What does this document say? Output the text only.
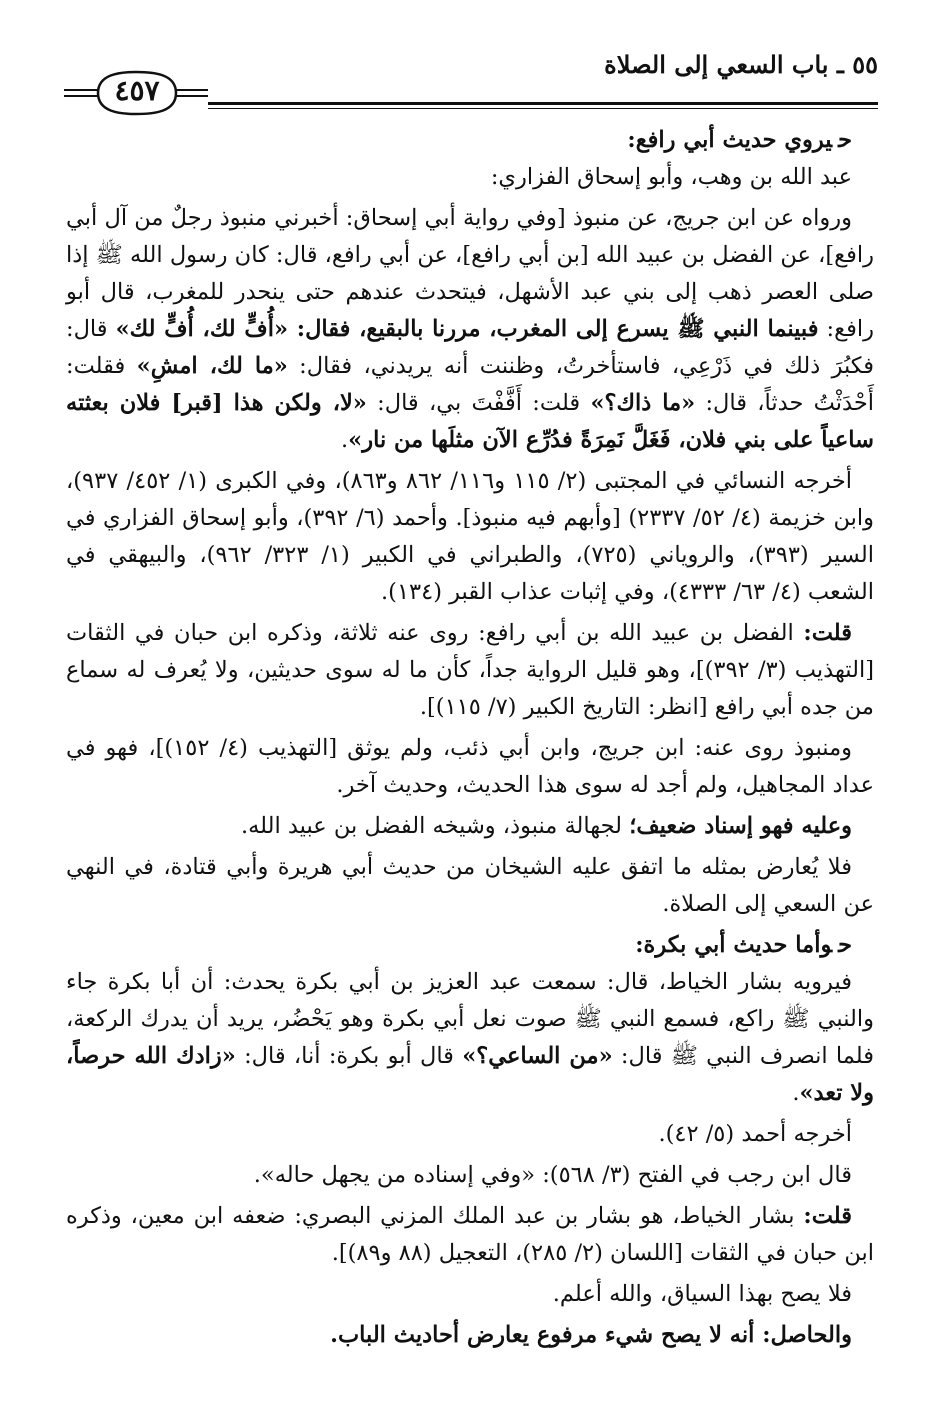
٥٥ ـ باب السعي إلى الصلاة
٤٥٧

حيروي حديث أبي رافع:

عبد الله بن وهب، وأبو إسحاق الفزاري:

ورواه عن ابن جريج، عن منبوذ [وفي رواية أبي إسحاق: أخبرني منبوذ رجلٌ من آل أبي رافع]، عن الفضل بن عبيد الله [بن أبي رافع]، عن أبي رافع، قال: كان رسول الله ﷺ إذا صلى العصر ذهب إلى بني عبد الأشهل، فيتحدث عندهم حتى ينحدر للمغرب، قال أبو رافع: فبينما النبي ﷺ يسرع إلى المغرب، مررنا بالبقيع، فقال: «أُفٍّ لك، أُفٍّ لك» قال: فكبُرَ ذلك في ذَرْعِي، فاستأخرتُ، وظننت أنه يريدني، فقال: «ما لك، امشِ» فقلت: أَحْدَثْتُ حدثاً، قال: «ما ذاك؟» قلت: أَفَّفْتَ بي، قال: «لا، ولكن هذا [قبر] فلان بعثته ساعياً على بني فلان، فَغَلَّ نَمِرَةً فدُرِّع الآن مثلَها من نار».

أخرجه النسائي في المجتبى (٢/ ١١٥ و١١٦/ ٨٦٢ و٨٦٣)، وفي الكبرى (١/ ٤٥٢/ ٩٣٧)، وابن خزيمة (٤/ ٥٢/ ٢٣٣٧) [وأبهم فيه منبوذ]. وأحمد (٦/ ٣٩٢)، وأبو إسحاق الفزاري في السير (٣٩٣)، والروياني (٧٢٥)، والطبراني في الكبير (١/ ٣٢٣/ ٩٦٢)، والبيهقي في الشعب (٤/ ٦٣/ ٤٣٣٣)، وفي إثبات عذاب القبر (١٣٤).

قلت: الفضل بن عبيد الله بن أبي رافع: روى عنه ثلاثة، وذكره ابن حبان في الثقات [التهذيب (٣/ ٣٩٢)]، وهو قليل الرواية جداً، كأن ما له سوى حديثين، ولا يُعرف له سماع من جده أبي رافع [انظر: التاريخ الكبير (٧/ ١١٥)].

ومنبوذ روى عنه: ابن جريج، وابن أبي ذئب، ولم يوثق [التهذيب (٤/ ١٥٢)]، فهو في عداد المجاهيل، ولم أجد له سوى هذا الحديث، وحديث آخر.

وعليه فهو إسناد ضعيف؛ لجهالة منبوذ، وشيخه الفضل بن عبيد الله.

فلا يُعارض بمثله ما اتفق عليه الشيخان من حديث أبي هريرة وأبي قتادة، في النهي عن السعي إلى الصلاة.

حوأما حديث أبي بكرة:

فيرويه بشار الخياط، قال: سمعت عبد العزيز بن أبي بكرة يحدث: أن أبا بكرة جاء والنبي ﷺ راكع، فسمع النبي ﷺ صوت نعل أبي بكرة وهو يَحْضُر، يريد أن يدرك الركعة، فلما انصرف النبي ﷺ قال: «من الساعي؟» قال أبو بكرة: أنا، قال: «زادك الله حرصاً، ولا تعد».

أخرجه أحمد (٥/ ٤٢).

قال ابن رجب في الفتح (٣/ ٥٦٨): «وفي إسناده من يجهل حاله».

قلت: بشار الخياط، هو بشار بن عبد الملك المزني البصري: ضعفه ابن معين، وذكره ابن حبان في الثقات [اللسان (٢/ ٢٨٥)، التعجيل (٨٨ و٨٩)].

فلا يصح بهذا السياق، والله أعلم.

والحاصل: أنه لا يصح شيء مرفوع يعارض أحاديث الباب.
